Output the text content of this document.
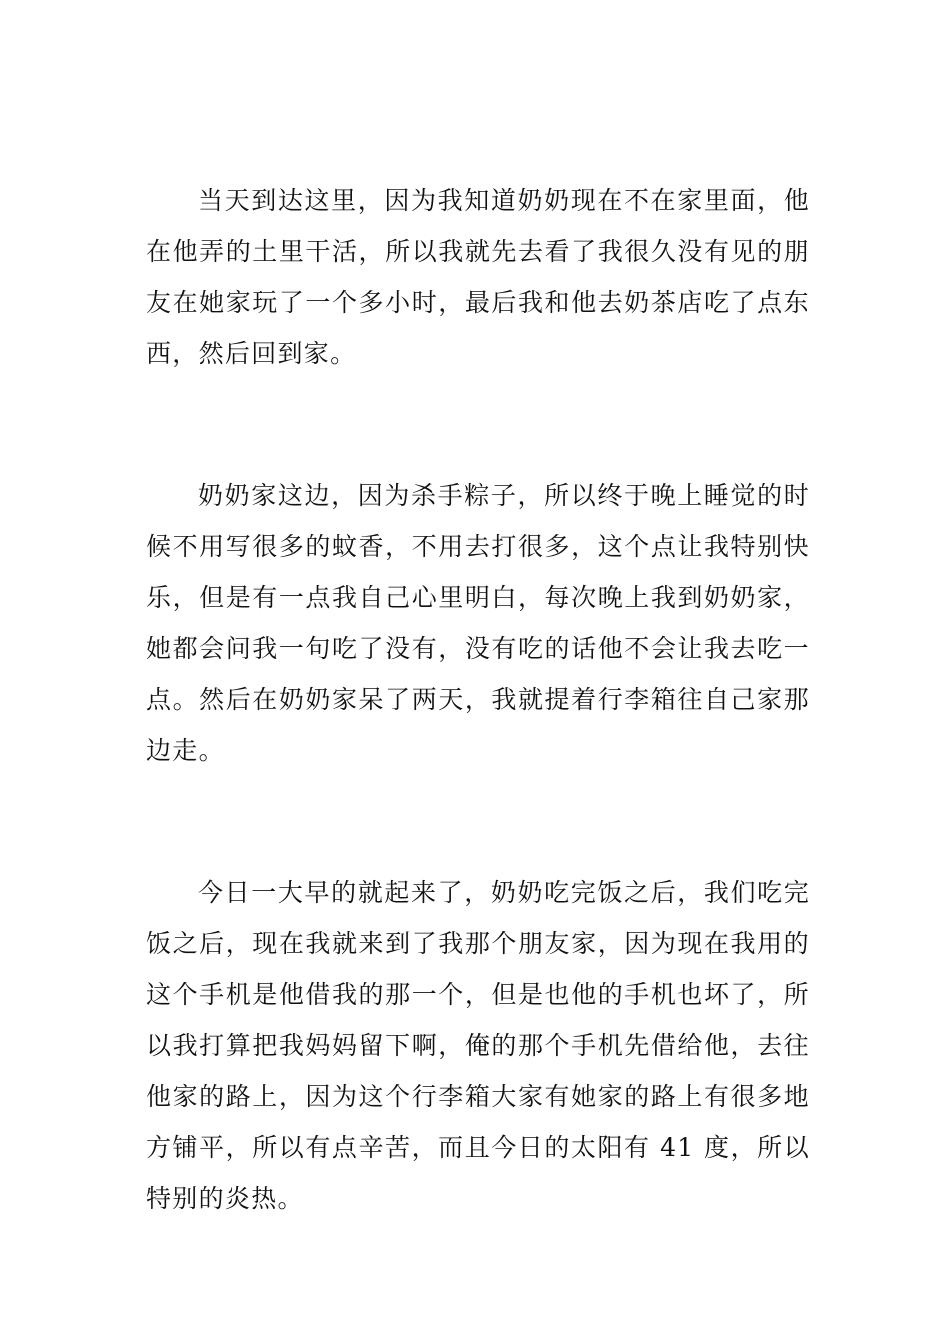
当天到达这里，因为我知道奶奶现在不在家里面，他在他弄的土里干活，所以我就先去看了我很久没有见的朋友在她家玩了一个多小时，最后我和他去奶茶店吃了点东西，然后回到家。

奶奶家这边，因为杀手粽子，所以终于晚上睡觉的时候不用写很多的蚊香，不用去打很多，这个点让我特别快乐，但是有一点我自己心里明白，每次晚上我到奶奶家，她都会问我一句吃了没有，没有吃的话他不会让我去吃一点。然后在奶奶家呆了两天，我就提着行李箱往自己家那边走。

今日一大早的就起来了，奶奶吃完饭之后，我们吃完饭之后，现在我就来到了我那个朋友家，因为现在我用的这个手机是他借我的那一个，但是也他的手机也坏了，所以我打算把我妈妈留下啊，俺的那个手机先借给他，去往他家的路上，因为这个行李箱大家有她家的路上有很多地方铺平，所以有点辛苦，而且今日的太阳有 41 度，所以特别的炎热。
